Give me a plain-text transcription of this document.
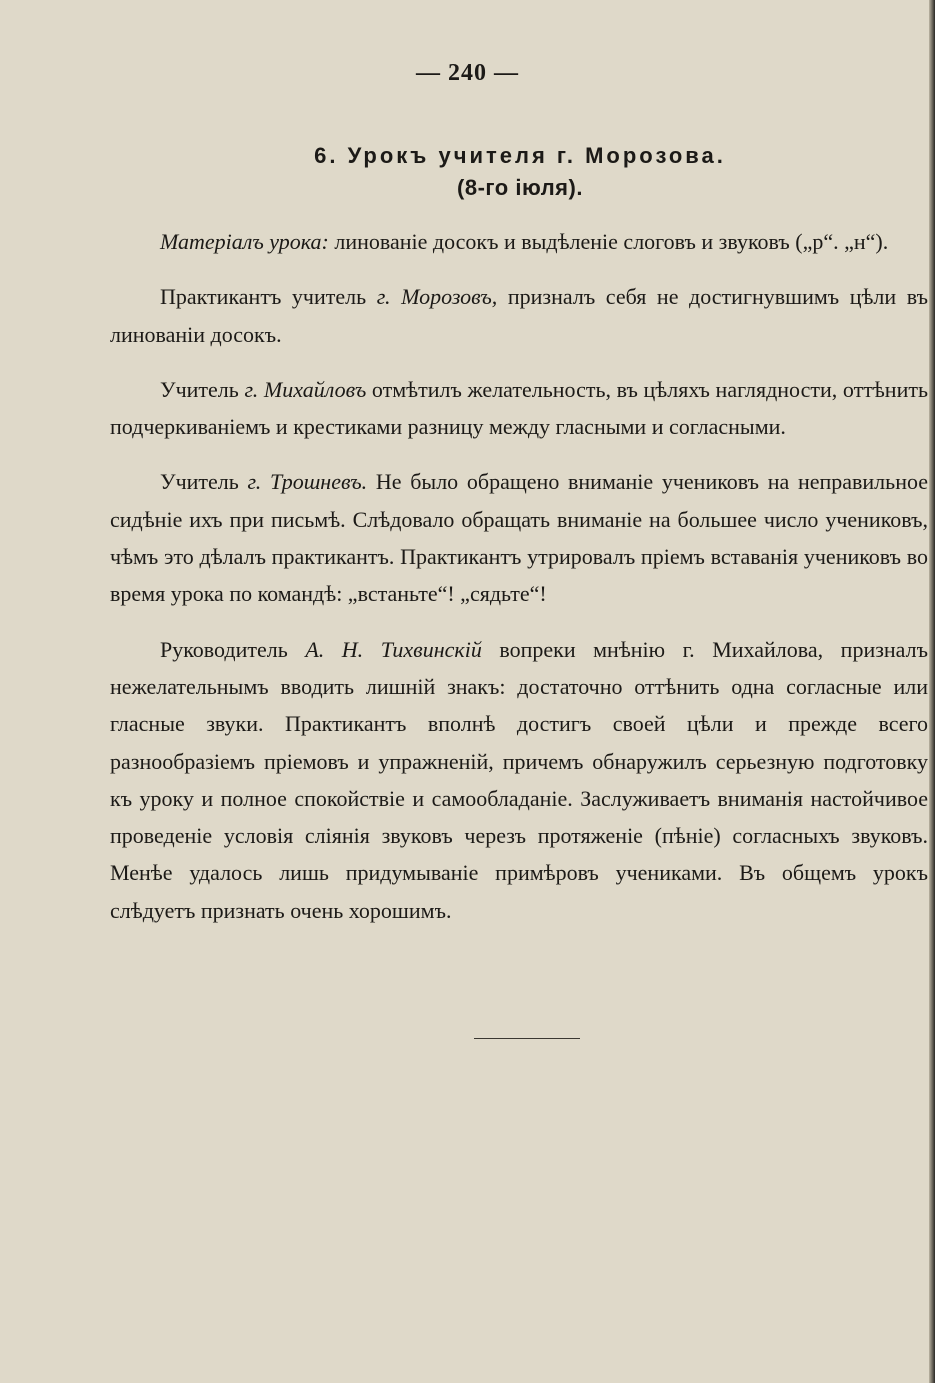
— 240 —
6. Урокъ учителя г. Морозова.
(8-го іюля).

Матеріалъ урока: линованіе досокъ и выдѣленіе слоговъ и звуковъ („р“. „н“).

Практикантъ учитель г. Морозовъ, призналъ себя не достигнувшимъ цѣли въ линованіи досокъ.

Учитель г. Михайловъ отмѣтилъ желательность, въ цѣляхъ наглядности, оттѣнить подчеркиваніемъ и крестиками разницу между гласными и согласными.

Учитель г. Трошневъ. Не было обращено вниманіе учениковъ на неправильное сидѣніе ихъ при письмѣ. Слѣдовало обращать вниманіе на большее число учениковъ, чѣмъ это дѣлалъ практикантъ. Практикантъ утрировалъ пріемъ вставанія учениковъ во время урока по командѣ: „встаньте“! „сядьте“!

Руководитель А. Н. Тихвинскій вопреки мнѣнію г. Михайлова, призналъ нежелательнымъ вводить лишній знакъ: достаточно оттѣнить одна согласные или гласные звуки. Практикантъ вполнѣ достигъ своей цѣли и прежде всего разнообразіемъ пріемовъ и упражненій, причемъ обнаружилъ серьезную подготовку къ уроку и полное спокойствіе и самообладаніе. Заслуживаетъ вниманія настойчивое проведеніе условія сліянія звуковъ черезъ протяженіе (пѣніе) согласныхъ звуковъ. Менѣе удалось лишь придумываніе примѣровъ учениками. Въ общемъ урокъ слѣдуетъ признать очень хорошимъ.
